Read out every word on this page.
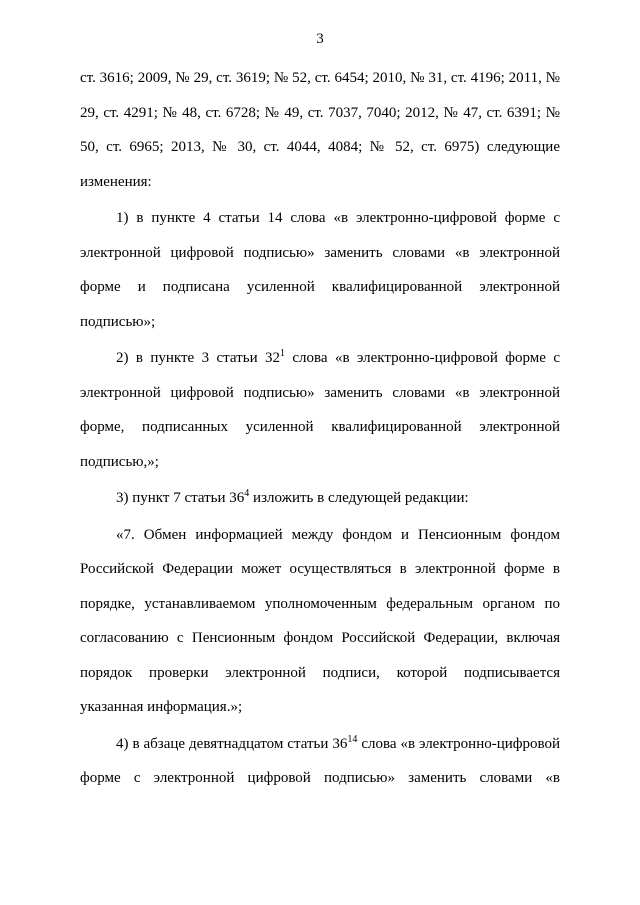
3

ст. 3616; 2009, № 29, ст. 3619; № 52, ст. 6454; 2010, № 31, ст. 4196; 2011, № 29, ст. 4291; № 48, ст. 6728; № 49, ст. 7037, 7040; 2012, № 47, ст. 6391; № 50, ст. 6965; 2013, № 30, ст. 4044, 4084; № 52, ст. 6975) следующие изменения:

1) в пункте 4 статьи 14 слова «в электронно-цифровой форме с электронной цифровой подписью» заменить словами «в электронной форме и подписана усиленной квалифицированной электронной подписью»;

2) в пункте 3 статьи $32^1$ слова «в электронно-цифровой форме с электронной цифровой подписью» заменить словами «в электронной форме, подписанных усиленной квалифицированной электронной подписью,»;

3) пункт 7 статьи $36^4$ изложить в следующей редакции:

«7. Обмен информацией между фондом и Пенсионным фондом Российской Федерации может осуществляться в электронной форме в порядке, устанавливаемом уполномоченным федеральным органом по согласованию с Пенсионным фондом Российской Федерации, включая порядок проверки электронной подписи, которой подписывается указанная информация.»;

4) в абзаце девятнадцатом статьи $36^{14}$ слова «в электронно-цифровой форме с электронной цифровой подписью» заменить словами «в
